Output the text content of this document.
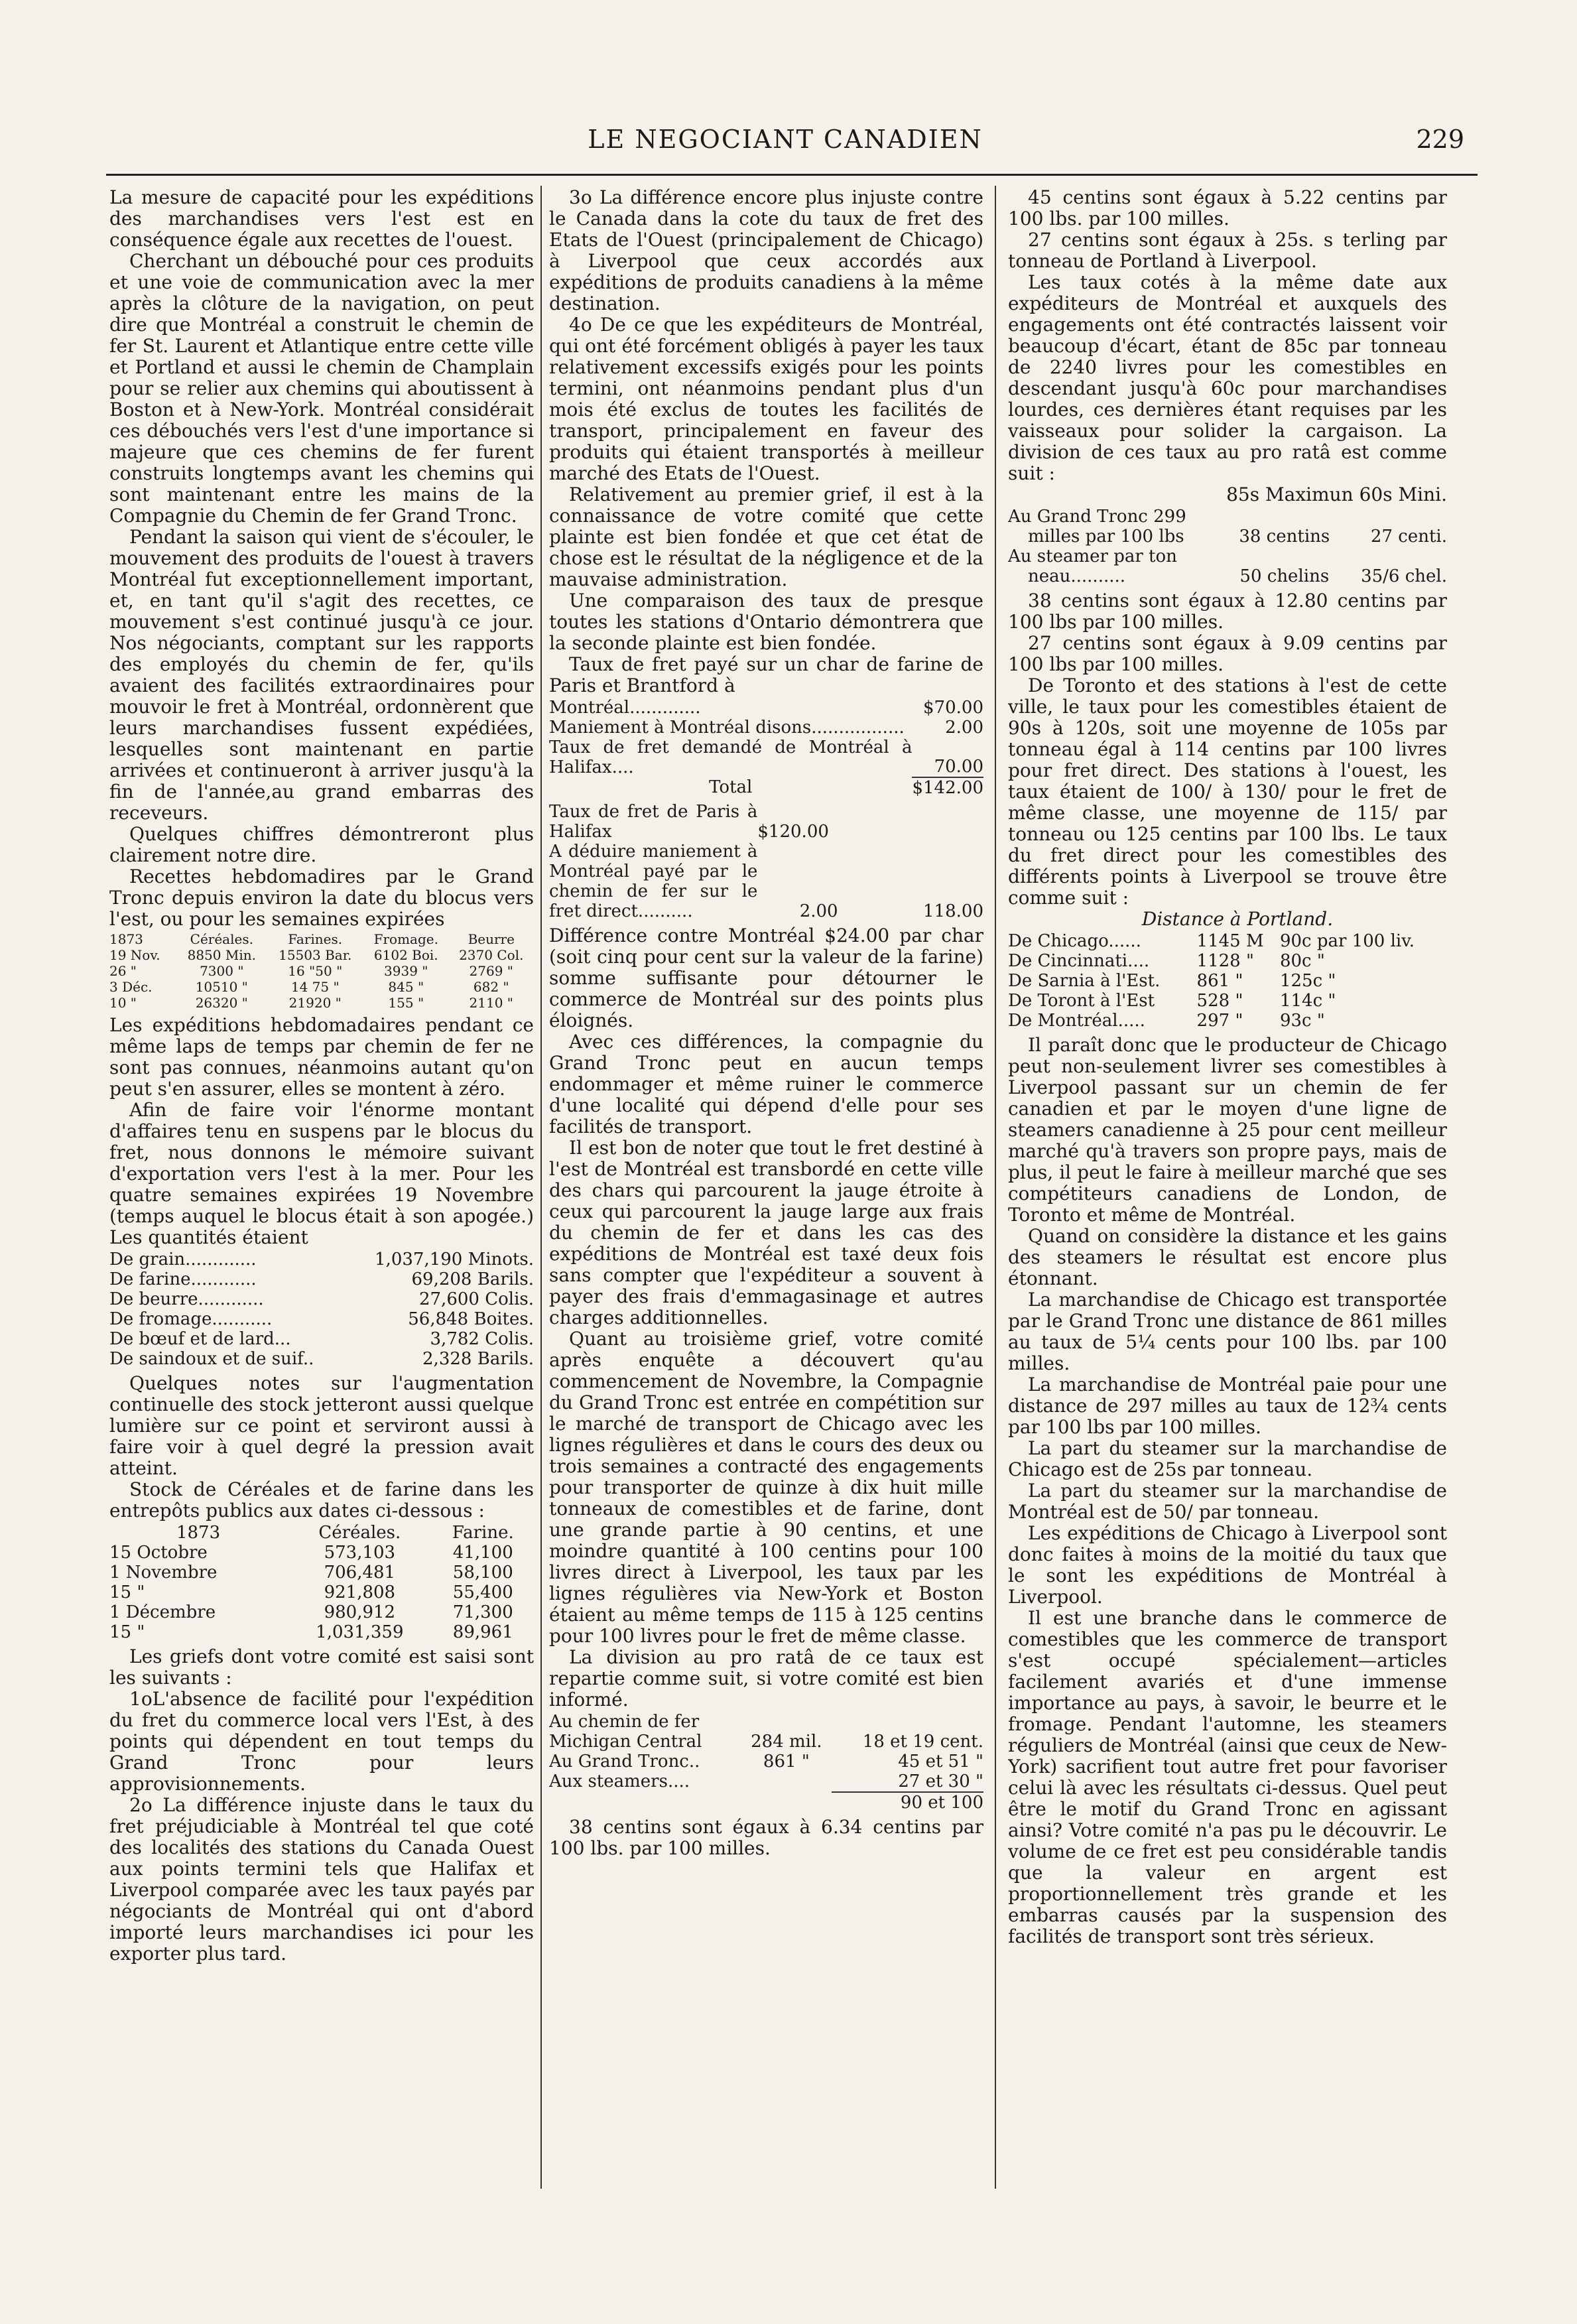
LE NEGOCIANT CANADIEN	229

La mesure de capacité pour les expéditions des marchandises vers l'est est en conséquence égale aux recettes de l'ouest.

Cherchant un débouché pour ces produits et une voie de communication avec la mer après la clôture de la navigation, on peut dire que Montréal a construit le chemin de fer St. Laurent et Atlantique entre cette ville et Portland et aussi le chemin de Champlain pour se relier aux chemins qui aboutissent à Boston et à New-York. Montréal considérait ces débouchés vers l'est d'une importance si majeure que ces chemins de fer furent construits longtemps avant les chemins qui sont maintenant entre les mains de la Compagnie du Chemin de fer Grand Tronc.

Pendant la saison qui vient de s'écouler, le mouvement des produits de l'ouest à travers Montréal fut exceptionnellement important, et, en tant qu'il s'agit des recettes, ce mouvement s'est continué jusqu'à ce jour. Nos négociants, comptant sur les rapports des employés du chemin de fer, qu'ils avaient des facilités extraordinaires pour mouvoir le fret à Montréal, ordonnèrent que leurs marchandises fussent expédiées, lesquelles sont maintenant en partie arrivées et continueront à arriver jusqu'à la fin de l'année,au grand embarras des receveurs.

Quelques chiffres démontreront plus clairement notre dire.

Recettes hebdomadires par le Grand Tronc depuis environ la date du blocus vers l'est, ou pour les semaines expirées

1873	Céréales.	Farines.	Fromage.	Beurre
19 Nov.	8850 Min.	15503 Bar.	6102 Boi.	2370 Col.
26 "	7300 "	16 "50 "	3939 "	2769 "
3 Déc.	10510 "	14 75 "	845 "	682 "
10 "	26320 "	21920 "	155 "	2110 "

Les expéditions hebdomadaires pendant ce même laps de temps par chemin de fer ne sont pas connues, néanmoins autant qu'on peut s'en assurer, elles se montent à zéro.

Afin de faire voir l'énorme montant d'affaires tenu en suspens par le blocus du fret, nous donnons le mémoire suivant d'exportation vers l'est à la mer. Pour les quatre semaines expirées 19 Novembre (temps auquel le blocus était à son apogée.) Les quantités étaient

De grain.............	1,037,190 Minots.
De farine............	69,208 Barils.
De beurre............	27,600 Colis.
De fromage...........	56,848 Boites.
De bœuf et de lard...	3,782 Colis.
De saindoux et de suif..	2,328 Barils.

Quelques notes sur l'augmentation continuelle des stock jetteront aussi quelque lumière sur ce point et serviront aussi à faire voir à quel degré la pression avait atteint.

Stock de Céréales et de farine dans les entrepôts publics aux dates ci-dessous :

1873	Céréales.	Farine.
15 Octobre	573,103	41,100
1 Novembre	706,481	58,100
15 "	921,808	55,400
1 Décembre	980,912	71,300
15 "	1,031,359	89,961

Les griefs dont votre comité est saisi sont les suivants :

1oL'absence de facilité pour l'expédition du fret du commerce local vers l'Est, à des points qui dépendent en tout temps du Grand Tronc pour leurs approvisionnements.

2o La différence injuste dans le taux du fret préjudiciable à Montréal tel que coté des localités des stations du Canada Ouest aux points termini tels que Halifax et Liverpool comparée avec les taux payés par négociants de Montréal qui ont d'abord importé leurs marchandises ici pour les exporter plus tard.

3o La différence encore plus injuste contre le Canada dans la cote du taux de fret des Etats de l'Ouest (principalement de Chicago) à Liverpool que ceux accordés aux expéditions de produits canadiens à la même destination.

4o De ce que les expéditeurs de Montréal, qui ont été forcément obligés à payer les taux relativement excessifs exigés pour les points termini, ont néanmoins pendant plus d'un mois été exclus de toutes les facilités de transport, principalement en faveur des produits qui étaient transportés à meilleur marché des Etats de l'Ouest.

Relativement au premier grief, il est à la connaissance de votre comité que cette plainte est bien fondée et que cet état de chose est le résultat de la négligence et de la mauvaise administration.

Une comparaison des taux de presque toutes les stations d'Ontario démontrera que la seconde plainte est bien fondée.

Taux de fret payé sur un char de farine de Paris et Brantford à

Montréal.............	$70.00
Maniement à Montréal disons.................	2.00
Taux de fret demandé de Montréal à Halifax....	70.00
Total	$142.00
Taux de fret de Paris à Halifax	$120.00	
A déduire maniement à Montréal payé par le chemin de fer sur le fret direct..........	2.00	118.00

Différence contre Montréal $24.00 par char (soit cinq pour cent sur la valeur de la farine) somme suffisante pour détourner le commerce de Montréal sur des points plus éloignés.

Avec ces différences, la compagnie du Grand Tronc peut en aucun temps endommager et même ruiner le commerce d'une localité qui dépend d'elle pour ses facilités de transport.

Il est bon de noter que tout le fret destiné à l'est de Montréal est transbordé en cette ville des chars qui parcourent la jauge étroite à ceux qui parcourent la jauge large aux frais du chemin de fer et dans les cas des expéditions de Montréal est taxé deux fois sans compter que l'expéditeur a souvent à payer des frais d'emmagasinage et autres charges additionnelles.

Quant au troisième grief, votre comité après enquête a découvert qu'au commencement de Novembre, la Compagnie du Grand Tronc est entrée en compétition sur le marché de transport de Chicago avec les lignes régulières et dans le cours des deux ou trois semaines a contracté des engagements pour transporter de quinze à dix huit mille tonneaux de comestibles et de farine, dont une grande partie à 90 centins, et une moindre quantité à 100 centins pour 100 livres direct à Liverpool, les taux par les lignes régulières via New-York et Boston étaient au même temps de 115 à 125 centins pour 100 livres pour le fret de même classe.

La division au pro ratâ de ce taux est repartie comme suit, si votre comité est bien informé.

Au chemin de fer		
Michigan Central	284 mil.	18 et 19 cent.
Au Grand Tronc..	861 "	45 et 51 "
Aux steamers....		27 et 30 "
		90 et 100

38 centins sont égaux à 6.34 centins par 100 lbs. par 100 milles.

45 centins sont égaux à 5.22 centins par 100 lbs. par 100 milles.

27 centins sont égaux à 25s. s terling par tonneau de Portland à Liverpool.

Les taux cotés à la même date aux expéditeurs de Montréal et auxquels des engagements ont été contractés laissent voir beaucoup d'écart, étant de 85c par tonneau de 2240 livres pour les comestibles en descendant jusqu'à 60c pour marchandises lourdes, ces dernières étant requises par les vaisseaux pour solider la cargaison. La division de ces taux au pro ratâ est comme suit :

85s Maximun 60s Mini.

Au Grand Tronc 299		
milles par 100 lbs	38 centins	27 centi.
Au steamer par ton		
neau..........	50 chelins	35/6 chel.

38 centins sont égaux à 12.80 centins par 100 lbs par 100 milles.

27 centins sont égaux à 9.09 centins par 100 lbs par 100 milles.

De Toronto et des stations à l'est de cette ville, le taux pour les comestibles étaient de 90s à 120s, soit une moyenne de 105s par tonneau égal à 114 centins par 100 livres pour fret direct. Des stations à l'ouest, les taux étaient de 100/ à 130/ pour le fret de même classe, une moyenne de 115/ par tonneau ou 125 centins par 100 lbs. Le taux du fret direct pour les comestibles des différents points à Liverpool se trouve être comme suit :

Distance à Portland.

De Chicago......	1145 M	90c par 100 liv.
De Cincinnati....	1128 "	80c "
De Sarnia à l'Est.	861 "	125c "
De Toront à l'Est	528 "	114c "
De Montréal.....	297 "	93c "

Il paraît donc que le producteur de Chicago peut non-seulement livrer ses comestibles à Liverpool passant sur un chemin de fer canadien et par le moyen d'une ligne de steamers canadienne à 25 pour cent meilleur marché qu'à travers son propre pays, mais de plus, il peut le faire à meilleur marché que ses compétiteurs canadiens de London, de Toronto et même de Montréal.

Quand on considère la distance et les gains des steamers le résultat est encore plus étonnant.

La marchandise de Chicago est transportée par le Grand Tronc une distance de 861 milles au taux de 5¼ cents pour 100 lbs. par 100 milles.

La marchandise de Montréal paie pour une distance de 297 milles au taux de 12¾ cents par 100 lbs par 100 milles.

La part du steamer sur la marchandise de Chicago est de 25s par tonneau.

La part du steamer sur la marchandise de Montréal est de 50/ par tonneau.

Les expéditions de Chicago à Liverpool sont donc faites à moins de la moitié du taux que le sont les expéditions de Montréal à Liverpool.

Il est une branche dans le commerce de comestibles que les commerce de transport s'est occupé spécialement—articles facilement avariés et d'une immense importance au pays, à savoir, le beurre et le fromage. Pendant l'automne, les steamers réguliers de Montréal (ainsi que ceux de New-York) sacrifient tout autre fret pour favoriser celui là avec les résultats ci-dessus. Quel peut être le motif du Grand Tronc en agissant ainsi? Votre comité n'a pas pu le découvrir. Le volume de ce fret est peu considérable tandis que la valeur en argent est proportionnellement très grande et les embarras causés par la suspension des facilités de transport sont très sérieux.
